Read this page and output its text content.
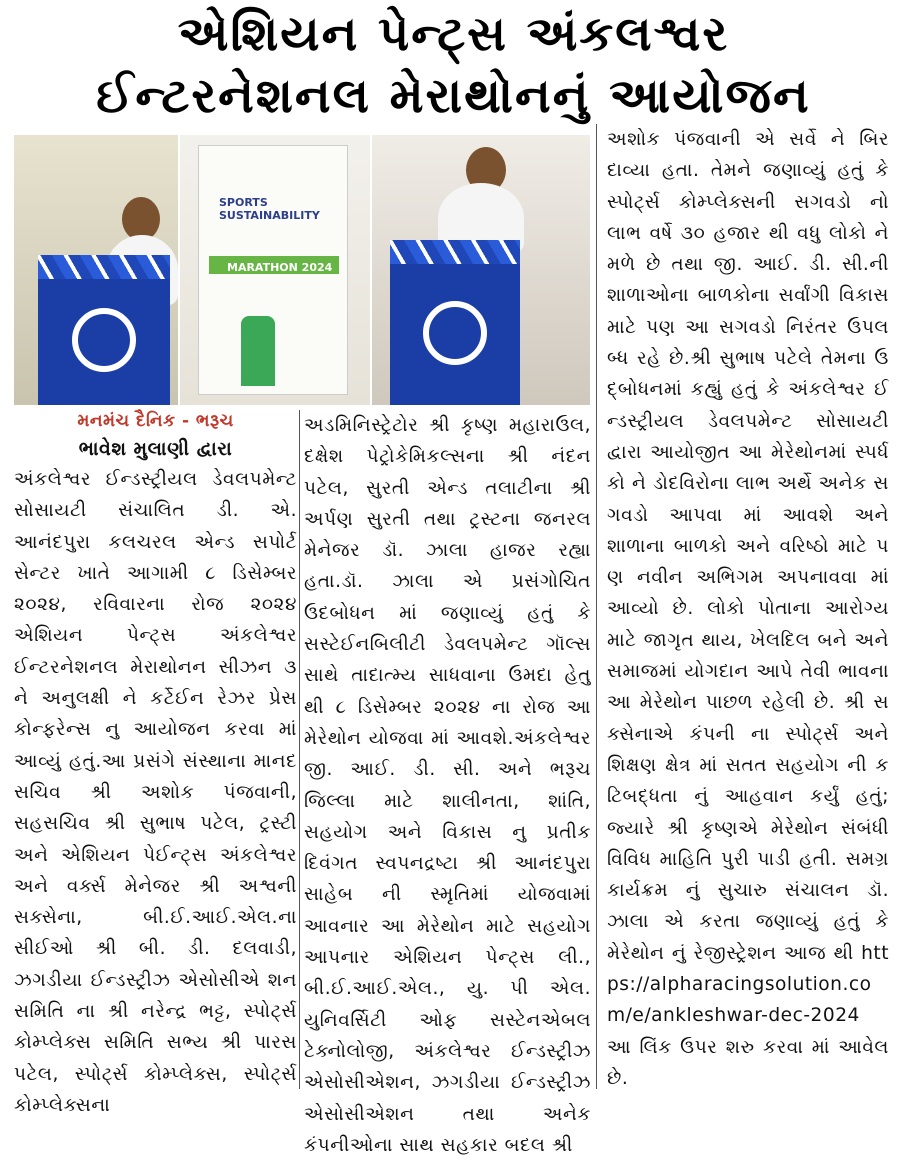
એશિયન પેન્ટ્સ અંકલશ્વર
ઈન્ટરનેશનલ મેરાથોનનું આયોજન
SPORTS SUSTAINABILITY
MARATHON 2024
મનમંચ દૈનિક - ભરૂચ
ભાવેશ મુલાણી દ્વારા
અંકલેશ્વર ઈન્ડસ્ટ્રીયલ ડેવલપમેન્ટ સોસાયટી સંચાલિત ડી. એ. આનંદપુરા કલચરલ એન્ડ સપોર્ટ સેન્ટર ખાતે આગામી ૮ ડિસેમ્બર ૨૦૨૪, રવિવારના રોજ ૨૦૨૪ એશિયન પેન્ટ્સ અંકલેશ્વર ઈન્ટરનેશનલ મેરાથોનન સીઝન ૩ ને અનુલક્ષી ને કર્ટેઈન રેઝર પ્રેસ કોન્ફરેન્સ નુ આયોજન કરવા માં આવ્યું હતું.આ પ્રસંગે સંસ્થાના માનદ સચિવ શ્રી અશોક પંજવાની, સહસચિવ શ્રી સુભાષ પટેલ, ટ્રસ્ટી અને એશિયન પેઈન્ટ્સ અંકલેશ્વર અને વર્ક્સ મેનેજર શ્રી અશ્વની સક્સેના, બી.ઈ.આઈ.એલ.ના સીઈઓ શ્રી બી. ડી. દલવાડી, ઝગડીયા ઈન્ડસ્ટ્રીઝ એસોસીએ શન સમિતિ ના શ્રી નરેન્દ્ર ભટ્ટ, સ્પોર્ટ્સ કોમ્પ્લેક્સ સમિતિ સભ્ય શ્રી પારસ પટેલ, સ્પોર્ટ્સ કોમ્પ્લેક્સ, સ્પોર્ટ્સ કોમ્પ્લેક્સના
અડમિનિસ્ટ્રેટોર શ્રી કૃષ્ણ મહારાઉલ, દક્ષેશ પેટ્રોકેમિકલ્સના શ્રી નંદન પટેલ, સુરતી એન્ડ તલાટીના શ્રી અર્પણ સુરતી તથા ટ્રસ્ટના જનરલ મેનેજર ડૉ. ઝાલા હાજર રહ્યા હતા.ડૉ. ઝાલા એ પ્રસંગોચિત ઉદબોધન માં જણાવ્યું હતું કે સસ્ટેઈનબિલીટી ડેવલપમેન્ટ ગૉલ્સ સાથે તાદાત્મ્ય સાધવાના ઉમદા હેતુ થી ૮ ડિસેમ્બર ૨૦૨૪ ના રોજ આ મેરેથોન યોજવા માં આવશે.અંકલેશ્વર જી. આઈ. ડી. સી. અને ભરૂચ જિલ્લા માટે શાલીનતા, શાંતિ, સહયોગ અને વિકાસ નુ પ્રતીક દિવંગત સ્વપનદ્રષ્ટા શ્રી આનંદપુરા સાહેબ ની સ્મૃતિમાં યોજવામાં આવનાર આ મેરેથોન માટે સહયોગ આપનાર એશિયન પેન્ટ્સ લી., બી.ઈ.આઈ.એલ., યુ. પી એલ. યુનિવર્સિટી ઓફ સસ્ટેનએબલ ટેક્નોલોજી, અંકલેશ્વર ઈન્ડસ્ટ્રીઝ એસોસીએશન, ઝગડીયા ઈન્ડસ્ટ્રીઝ એસોસીએશન તથા અનેક કંપનીઓના સાથ સહકાર બદલ શ્રી
અશોક પંજવાની એ સર્વે ને બિરદાવ્યા હતા. તેમને જણાવ્યું હતું કે સ્પોર્ટ્સ કોમ્પ્લેક્સની સગવડો નો લાભ વર્ષે ૩૦ હજાર થી વધુ લોકો ને મળે છે તથા જી. આઈ. ડી. સી.ની શાળાઓના બાળકોના સર્વાંગી વિકાસ માટે પણ આ સગવડો નિરંતર ઉપલબ્ધ રહે છે.શ્રી સુભાષ પટેલે તેમના ઉદ્બોધનમાં કહ્યું હતું કે અંકલેશ્વર ઈન્ડસ્ટ્રીયલ ડેવલપમેન્ટ સોસાયટી દ્વારા આયોજીત આ મેરેથોનમાં સ્પર્ધકો ને ડોદવિરોના લાભ અર્થે અનેક સગવડો આપવા માં આવશે અને શાળાના બાળકો અને વરિષ્ઠો માટે પણ નવીન અભિગમ અપનાવવા માં આવ્યો છે. લોકો પોતાના આરોગ્ય માટે જાગૃત થાય, ખેલદિલ બને અને સમાજમાં યોગદાન આપે તેવી ભાવના આ મેરેથોન પાછળ રહેલી છે. શ્રી સક્સેનાએ કંપની ના સ્પોર્ટ્સ અને શિક્ષણ ક્ષેત્ર માં સતત સહયોગ ની કટિબદ્ધતા નું આહવાન કર્યું હતું; જ્યારે શ્રી કૃષ્ણએ મેરેથોન સંબંધી વિવિધ માહિતિ પુરી પાડી હતી. સમગ્ર કાર્યક્રમ નું સુચારુ સંચાલન ડૉ. ઝાલા એ કરતા જણાવ્યું હતું કે મેરેથોન નું રેજીસ્ટ્રેશન આજ થી https://alpharacingsolution.com/e/ankleshwar-dec-2024 આ લિંક ઉપર શરુ કરવા માં આવેલ છે.
